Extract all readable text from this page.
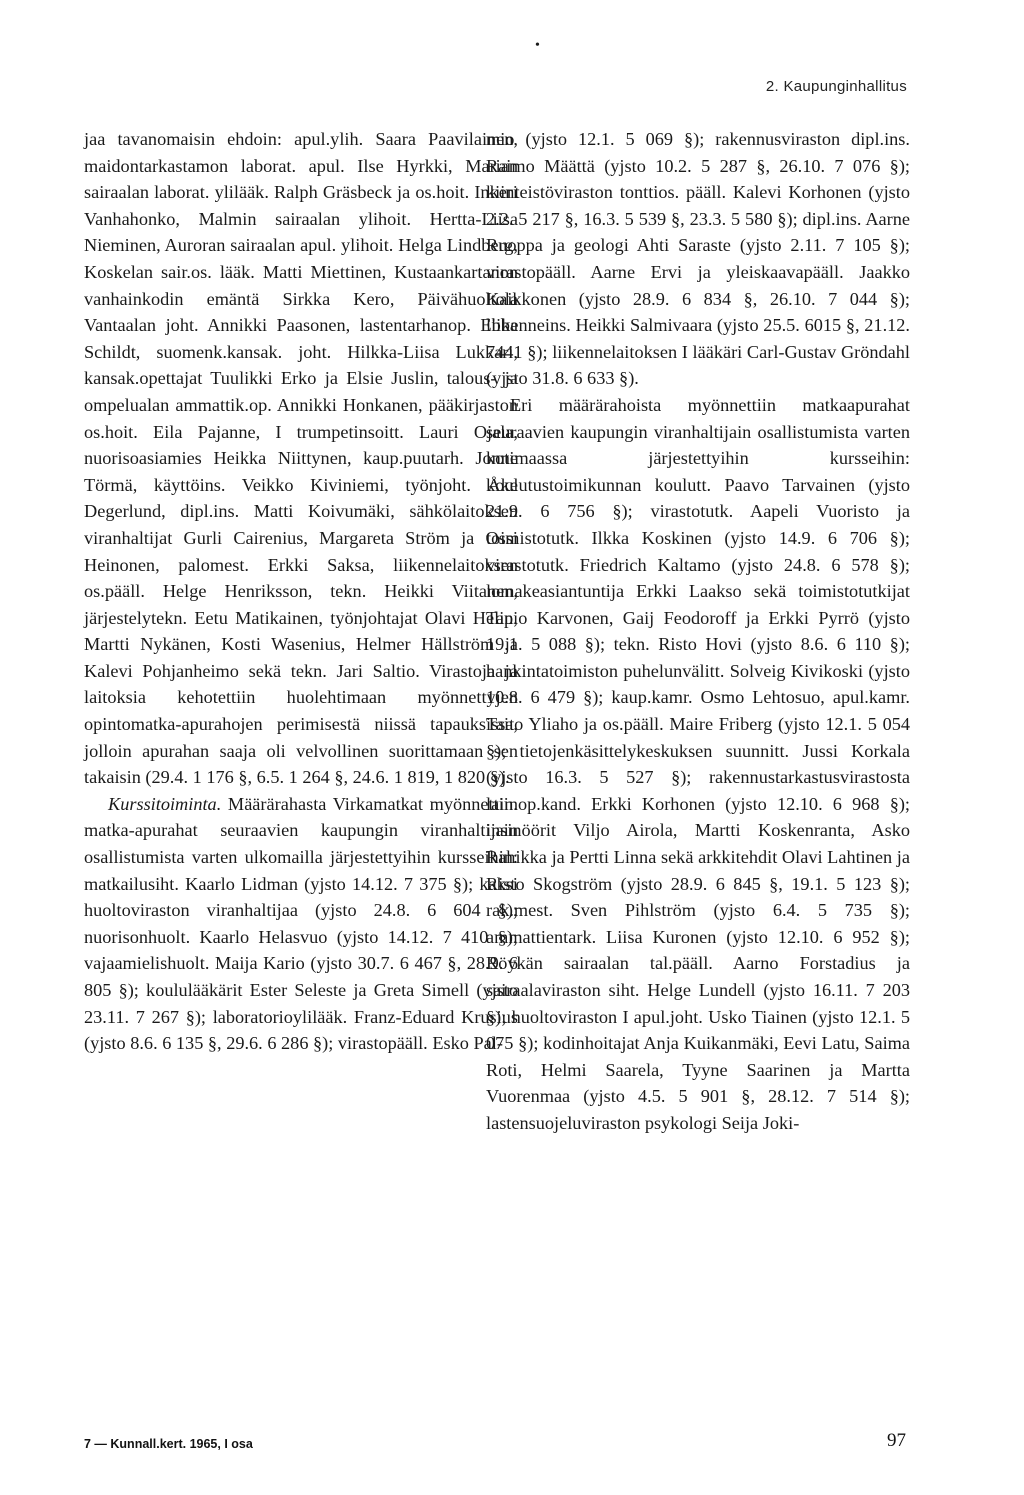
•
2. Kaupunginhallitus

jaa tavanomaisin ehdoin: apul.ylih. Saara Paavilainen, maidontarkastamon laborat. apul. Ilse Hyrkki, Marian sairaalan laborat. ylilääk. Ralph Gräsbeck ja os.hoit. Inkeri Vanhahonko, Malmin sairaalan ylihoit. Hertta-Liisa Nieminen, Auroran sairaalan apul. ylihoit. Helga Lindberg, Koskelan sair.os. lääk. Matti Miettinen, Kustaankartanon vanhainkodin emäntä Sirkka Kero, Päivähuoltola Vantaalan joht. Annikki Paasonen, lastentarhanop. Ebba Schildt, suomenk.kansak. joht. Hilkka-Liisa Lukkari, kansak.opettajat Tuulikki Erko ja Elsie Juslin, talous- ja ompelualan ammattik.op. Annikki Honkanen, pääkirjaston os.hoit. Eila Pajanne, I trumpetinsoitt. Lauri Ojala, nuorisoasiamies Heikka Niittynen, kaup.puutarh. Jonne Törmä, käyttöins. Veikko Kiviniemi, työnjoht. Åke Degerlund, dipl.ins. Matti Koivumäki, sähkölaitoksen viranhaltijat Gurli Cairenius, Margareta Ström ja Ossi Heinonen, palomest. Erkki Saksa, liikennelaitoksen os.pääll. Helge Henriksson, tekn. Heikki Viitanen, järjestelytekn. Eetu Matikainen, työnjohtajat Olavi Helin, Martti Nykänen, Kosti Wasenius, Helmer Hällström ja Kalevi Pohjanheimo sekä tekn. Jari Saltio. Virastoja ja laitoksia kehotettiin huolehtimaan myönnettyjen opintomatka-apurahojen perimisestä niissä tapauksissa, jolloin apurahan saaja oli velvollinen suorittamaan sen takaisin (29.4. 1 176 §, 6.5. 1 264 §, 24.6. 1 819, 1 820 §).

Kurssitoiminta. Määrärahasta Virkamatkat myönnettiin matka-apurahat seuraavien kaupungin viranhaltijain osallistumista varten ulkomailla järjestettyihin kursseihin: matkailusiht. Kaarlo Lidman (yjsto 14.12. 7 375 §); kaksi huoltoviraston viranhaltijaa (yjsto 24.8. 6 604 §); nuorisonhuolt. Kaarlo Helasvuo (yjsto 14.12. 7 410 §); vajaamielishuolt. Maija Kario (yjsto 30.7. 6 467 §, 28.9. 6 805 §); koululääkärit Ester Seleste ja Greta Simell (yjsto 23.11. 7 267 §); laboratorioylilääk. Franz-Eduard Krusius (yjsto 8.6. 6 135 §, 29.6. 6 286 §); virastopääll. Esko Pal-

mio (yjsto 12.1. 5 069 §); rakennusviraston dipl.ins. Raimo Määttä (yjsto 10.2. 5 287 §, 26.10. 7 076 §); kiinteistöviraston tonttios. pääll. Kalevi Korhonen (yjsto 2.2. 5 217 §, 16.3. 5 539 §, 23.3. 5 580 §); dipl.ins. Aarne Ruoppa ja geologi Ahti Saraste (yjsto 2.11. 7 105 §); virastopääll. Aarne Ervi ja yleiskaavapääll. Jaakko Kaikkonen (yjsto 28.9. 6 834 §, 26.10. 7 044 §); liikenneins. Heikki Salmivaara (yjsto 25.5. 6015 §, 21.12. 7441 §); liikennelaitoksen I lääkäri Carl-Gustav Gröndahl (yjsto 31.8. 6 633 §).

Eri määrärahoista myönnettiin matkaapurahat seuraavien kaupungin viranhaltijain osallistumista varten kotimaassa järjestettyihin kursseihin: koulutustoimikunnan koulutt. Paavo Tarvainen (yjsto 21.9. 6 756 §); virastotutk. Aapeli Vuoristo ja toimistotutk. Ilkka Koskinen (yjsto 14.9. 6 706 §); virastotutk. Friedrich Kaltamo (yjsto 24.8. 6 578 §); lomakeasiantuntija Erkki Laakso sekä toimistotutkijat Tapio Karvonen, Gaij Feodoroff ja Erkki Pyrrö (yjsto 19.1. 5 088 §); tekn. Risto Hovi (yjsto 8.6. 6 110 §); hankintatoimiston puhelunvälitt. Solveig Kivikoski (yjsto 10.8. 6 479 §); kaup.kamr. Osmo Lehtosuo, apul.kamr. Taito Yliaho ja os.pääll. Maire Friberg (yjsto 12.1. 5 054 §); tietojenkäsittelykeskuksen suunnitt. Jussi Korkala (yjsto 16.3. 5 527 §); rakennustarkastusvirastosta lain.op.kand. Erkki Korhonen (yjsto 12.10. 6 968 §); insinöörit Viljo Airola, Martti Koskenranta, Asko Rahikka ja Pertti Linna sekä arkkitehdit Olavi Lahtinen ja Risto Skogström (yjsto 28.9. 6 845 §, 19.1. 5 123 §); rak.mest. Sven Pihlström (yjsto 6.4. 5 735 §); ammattientark. Liisa Kuronen (yjsto 12.10. 6 952 §); Röykän sairaalan tal.pääll. Aarno Forstadius ja sairaalaviraston siht. Helge Lundell (yjsto 16.11. 7 203 §); huoltoviraston I apul.joht. Usko Tiainen (yjsto 12.1. 5 075 §); kodinhoitajat Anja Kuikanmäki, Eevi Latu, Saima Roti, Helmi Saarela, Tyyne Saarinen ja Martta Vuorenmaa (yjsto 4.5. 5 901 §, 28.12. 7 514 §); lastensuojeluviraston psykologi Seija Joki-

7 — Kunnall.kert. 1965, I osa	97
